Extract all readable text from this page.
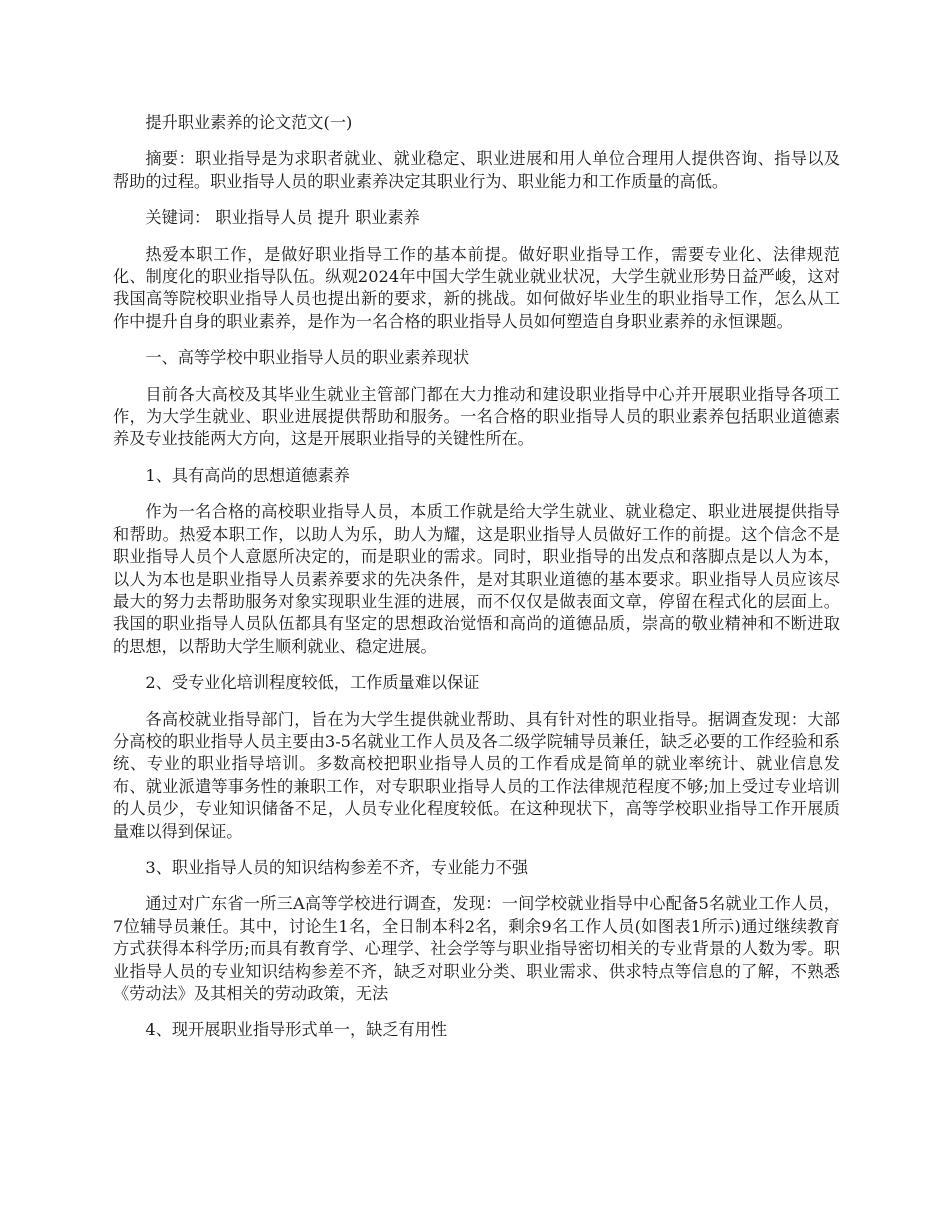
提升职业素养的论文范文(一)

摘要：职业指导是为求职者就业、就业稳定、职业进展和用人单位合理用人提供咨询、指导以及帮助的过程。职业指导人员的职业素养决定其职业行为、职业能力和工作质量的高低。

关键词： 职业指导人员 提升 职业素养

热爱本职工作，是做好职业指导工作的基本前提。做好职业指导工作，需要专业化、法律规范化、制度化的职业指导队伍。纵观2024年中国大学生就业就业状况，大学生就业形势日益严峻，这对我国高等院校职业指导人员也提出新的要求，新的挑战。如何做好毕业生的职业指导工作，怎么从工作中提升自身的职业素养，是作为一名合格的职业指导人员如何塑造自身职业素养的永恒课题。

一、高等学校中职业指导人员的职业素养现状

目前各大高校及其毕业生就业主管部门都在大力推动和建设职业指导中心并开展职业指导各项工作，为大学生就业、职业进展提供帮助和服务。一名合格的职业指导人员的职业素养包括职业道德素养及专业技能两大方向，这是开展职业指导的关键性所在。

1、具有高尚的思想道德素养

作为一名合格的高校职业指导人员，本质工作就是给大学生就业、就业稳定、职业进展提供指导和帮助。热爱本职工作，以助人为乐，助人为耀，这是职业指导人员做好工作的前提。这个信念不是职业指导人员个人意愿所决定的，而是职业的需求。同时，职业指导的出发点和落脚点是以人为本，以人为本也是职业指导人员素养要求的先决条件，是对其职业道德的基本要求。职业指导人员应该尽最大的努力去帮助服务对象实现职业生涯的进展，而不仅仅是做表面文章，停留在程式化的层面上。我国的职业指导人员队伍都具有坚定的思想政治觉悟和高尚的道德品质，崇高的敬业精神和不断进取的思想，以帮助大学生顺利就业、稳定进展。

2、受专业化培训程度较低，工作质量难以保证

各高校就业指导部门，旨在为大学生提供就业帮助、具有针对性的职业指导。据调查发现：大部分高校的职业指导人员主要由3-5名就业工作人员及各二级学院辅导员兼任，缺乏必要的工作经验和系统、专业的职业指导培训。多数高校把职业指导人员的工作看成是简单的就业率统计、就业信息发布、就业派遣等事务性的兼职工作，对专职职业指导人员的工作法律规范程度不够;加上受过专业培训的人员少，专业知识储备不足，人员专业化程度较低。在这种现状下，高等学校职业指导工作开展质量难以得到保证。

3、职业指导人员的知识结构参差不齐，专业能力不强

通过对广东省一所三A高等学校进行调查，发现：一间学校就业指导中心配备5名就业工作人员，7位辅导员兼任。其中，讨论生1名，全日制本科2名，剩余9名工作人员(如图表1所示)通过继续教育方式获得本科学历;而具有教育学、心理学、社会学等与职业指导密切相关的专业背景的人数为零。职业指导人员的专业知识结构参差不齐，缺乏对职业分类、职业需求、供求特点等信息的了解，不熟悉《劳动法》及其相关的劳动政策，无法

4、现开展职业指导形式单一，缺乏有用性
